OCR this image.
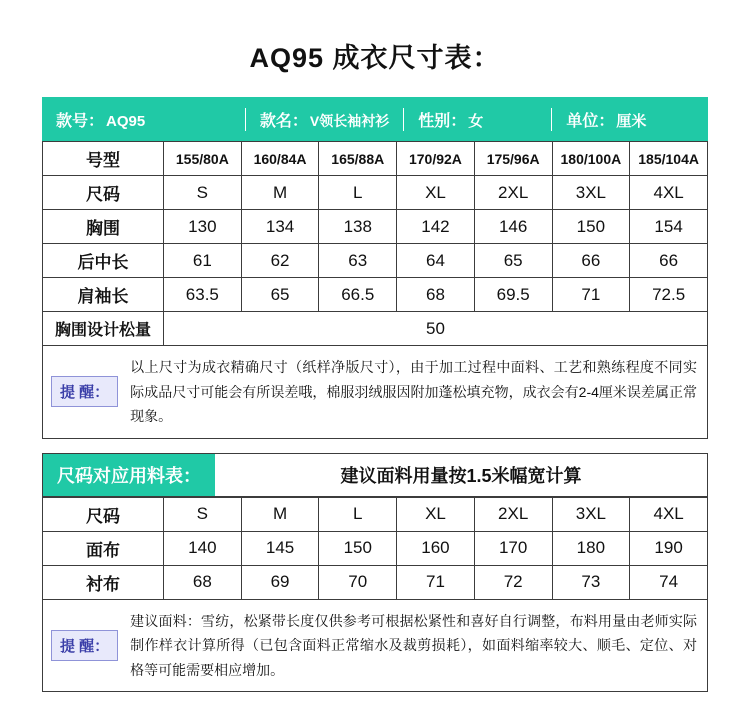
AQ95 成衣尺寸表：
款号： AQ95	款名： V领长袖衬衫 性别： 女	单位： 厘米
号型	155/80A	160/84A	165/88A	170/92A	175/96A	180/100A	185/104A
尺码	S	M	L	XL	2XL	3XL	4XL
胸围	130	134	138	142	146	150	154
后中长	61	62	63	64	65	66	66
肩袖长	63.5	65	66.5	68	69.5	71	72.5
胸围设计松量	50						
提 醒：
以上尺寸为成衣精确尺寸（纸样净版尺寸），由于加工过程中面料、工艺和熟练程度不同实际成品尺寸可能会有所误差哦，棉服羽绒服因附加蓬松填充物，成衣会有2-4厘米误差属正常现象。
尺码对应用料表：	建议面料用量按1.5米幅宽计算
尺码	S	M	L	XL	2XL	3XL	4XL
面布	140	145	150	160	170	180	190
衬布	68	69	70	71	72	73	74
提 醒：
建议面料：雪纺，松紧带长度仅供参考可根据松紧性和喜好自行调整，布料用量由老师实际制作样衣计算所得（已包含面料正常缩水及裁剪损耗），如面料缩率较大、顺毛、定位、对格等可能需要相应增加。
